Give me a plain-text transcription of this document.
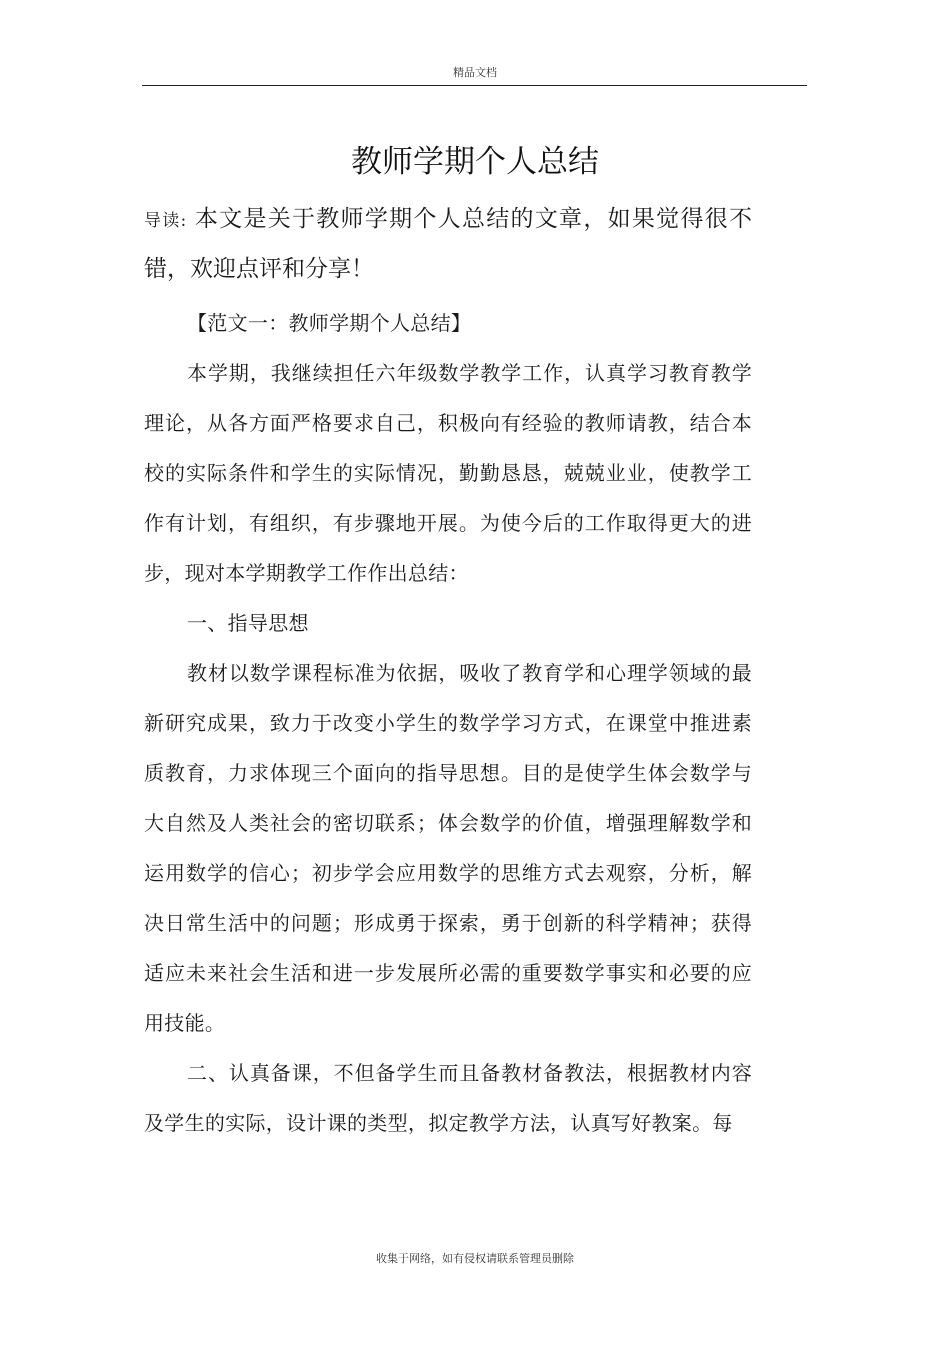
精品文档
教师学期个人总结

导读: 本文是关于教师学期个人总结的文章，如果觉得很不错，欢迎点评和分享！

【范文一：教师学期个人总结】

本学期，我继续担任六年级数学教学工作，认真学习教育教学理论，从各方面严格要求自己，积极向有经验的教师请教，结合本校的实际条件和学生的实际情况，勤勤恳恳，兢兢业业，使教学工作有计划，有组织，有步骤地开展。为使今后的工作取得更大的进步，现对本学期教学工作作出总结：

一、指导思想

教材以数学课程标准为依据，吸收了教育学和心理学领域的最新研究成果，致力于改变小学生的数学学习方式，在课堂中推进素质教育，力求体现三个面向的指导思想。目的是使学生体会数学与大自然及人类社会的密切联系；体会数学的价值，增强理解数学和运用数学的信心；初步学会应用数学的思维方式去观察，分析，解决日常生活中的问题；形成勇于探索，勇于创新的科学精神；获得适应未来社会生活和进一步发展所必需的重要数学事实和必要的应用技能。

二、认真备课，不但备学生而且备教材备教法，根据教材内容及学生的实际，设计课的类型，拟定教学方法，认真写好教案。每

收集于网络，如有侵权请联系管理员删除
